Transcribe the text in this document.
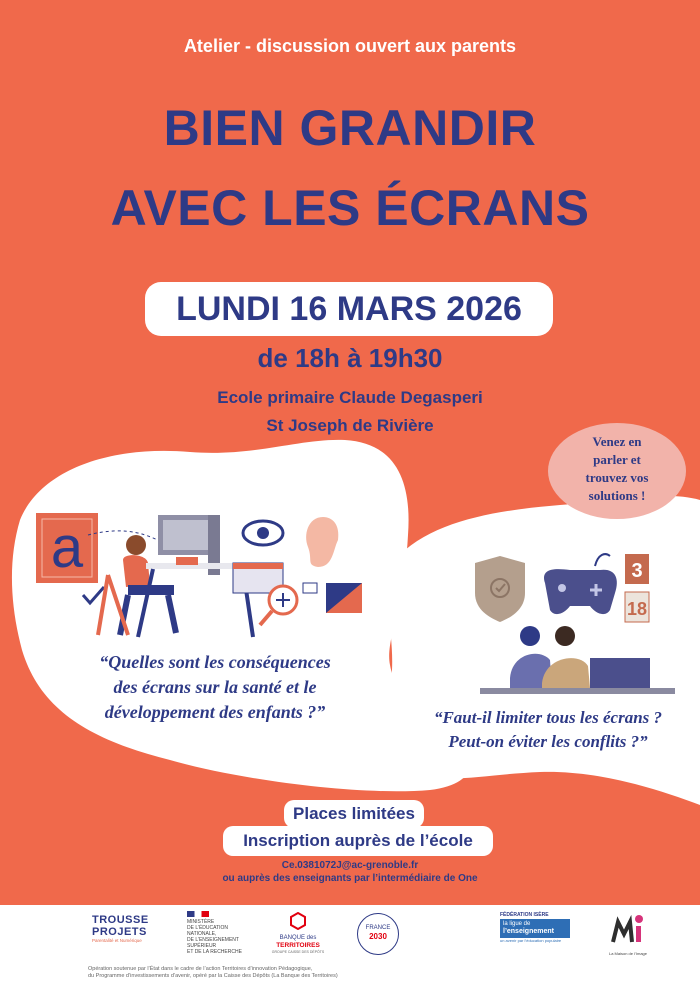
Atelier - discussion ouvert aux parents
BIEN GRANDIR
AVEC LES ÉCRANS
LUNDI 16 MARS 2026
de 18h à 19h30
Ecole primaire Claude Degasperi
St Joseph de Rivière
Venez en
parler et
trouvez vos
solutions !
a	3
18
“Quelles sont les conséquences
des écrans sur la santé et le
développement des enfants ?”	“Faut-il limiter tous les écrans ?
Peut-on éviter les conflits ?”
Places limitées
Inscription auprès de l’école
Ce.0381072J@ac-grenoble.fr
ou auprès des enseignants par l’intermédiaire de One
TROUSSE
PROJETS
Parentalité et Numérique
MINISTÈRE
DE L’ÉDUCATION
NATIONALE,
DE L’ENSEIGNEMENT
SUPÉRIEUR
ET DE LA RECHERCHE
BANQUE des
TERRITOIRES
GROUPE CAISSE DES DÉPÔTS
FRANCE
2030
FÉDÉRATION ISÈRE
la ligue de
l’enseignement
un avenir par l’éducation populaire
La Maison de l’Image
Opération soutenue par l’État dans le cadre de l’action Territoires d’innovation Pédagogique,
du Programme d’investissements d’avenir, opéré par la Caisse des Dépôts (La Banque des Territoires)
